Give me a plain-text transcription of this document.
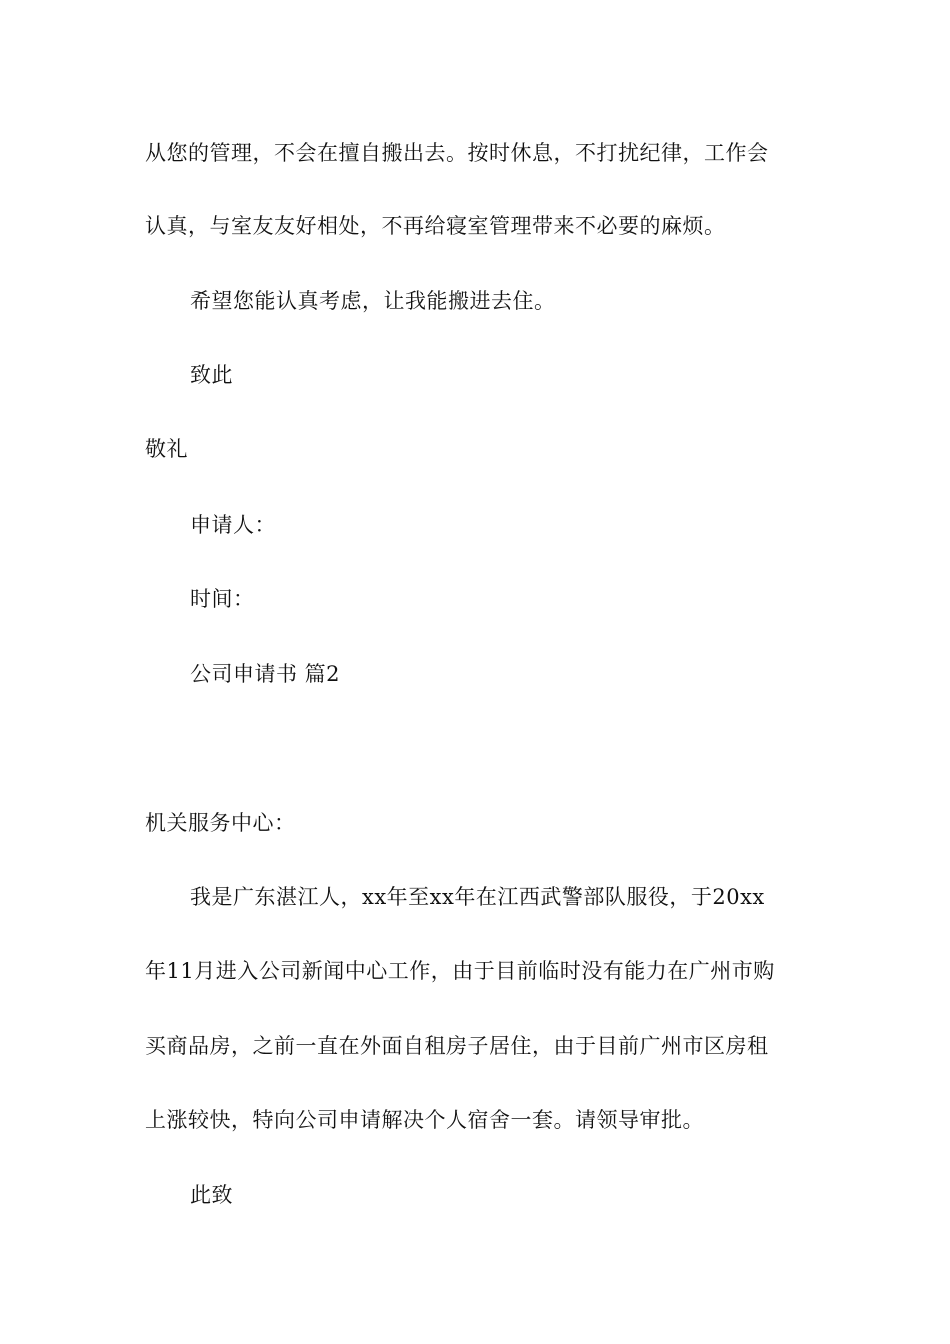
从您的管理，不会在擅自搬出去。按时休息，不打扰纪律，工作会
认真，与室友友好相处，不再给寝室管理带来不必要的麻烦。
希望您能认真考虑，让我能搬进去住。
致此
敬礼
申请人：
时间：
公司申请书 篇2
机关服务中心：
我是广东湛江人，xx年至xx年在江西武警部队服役，于20xx
年11月进入公司新闻中心工作，由于目前临时没有能力在广州市购
买商品房，之前一直在外面自租房子居住，由于目前广州市区房租
上涨较快，特向公司申请解决个人宿舍一套。请领导审批。
此致
